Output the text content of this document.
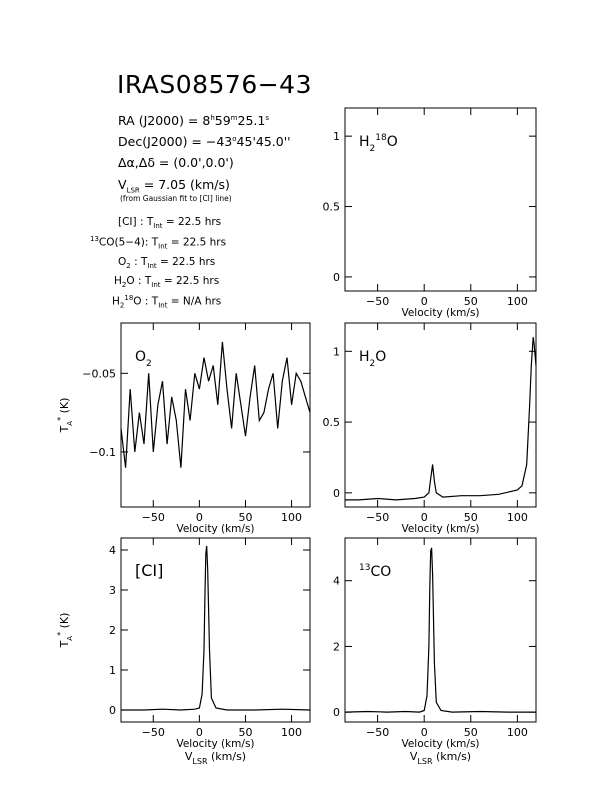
IRAS08576−43
RA $(J2000) = 8^h59^m25.1^s$
$Dec(J2000) = -43^o45'45.0''$
Δα,Δδ = (0.0',0.0')
$V_{LSR} = 7.05$ (km/s)
(from Gaussian fit to [CI] line)
[CI] : $T_{Int} = 22.5$ hrs
$^{13}$CO(5−4): $T_{Int} = 22.5$ hrs
$O_2$ : $T_{Int} = 22.5$ hrs
$H_2O$ : $T_{Int} = 22.5$ hrs
$H_2^{18}O$ : $T_{Int} = N/A$ hrs	−50	0	50	100
0
0.5
1
Velocity (km/s)
$H_2^{18}O$
−50	0	50	100
−0.1
−0.05
Velocity (km/s)
$T_A^*$ (K)
$O_2$
−50	0	50	100
0
0.5
1
Velocity (km/s)
$H_2O$
−50	0	50	100
0
1
2
3
4
Velocity (km/s)
$V_{LSR}$ (km/s)
$T_A^*$ (K)
[CI]
−50	0	50	100
0
2
4
Velocity (km/s)
$V_{LSR}$ (km/s)
$^{13}$CO
